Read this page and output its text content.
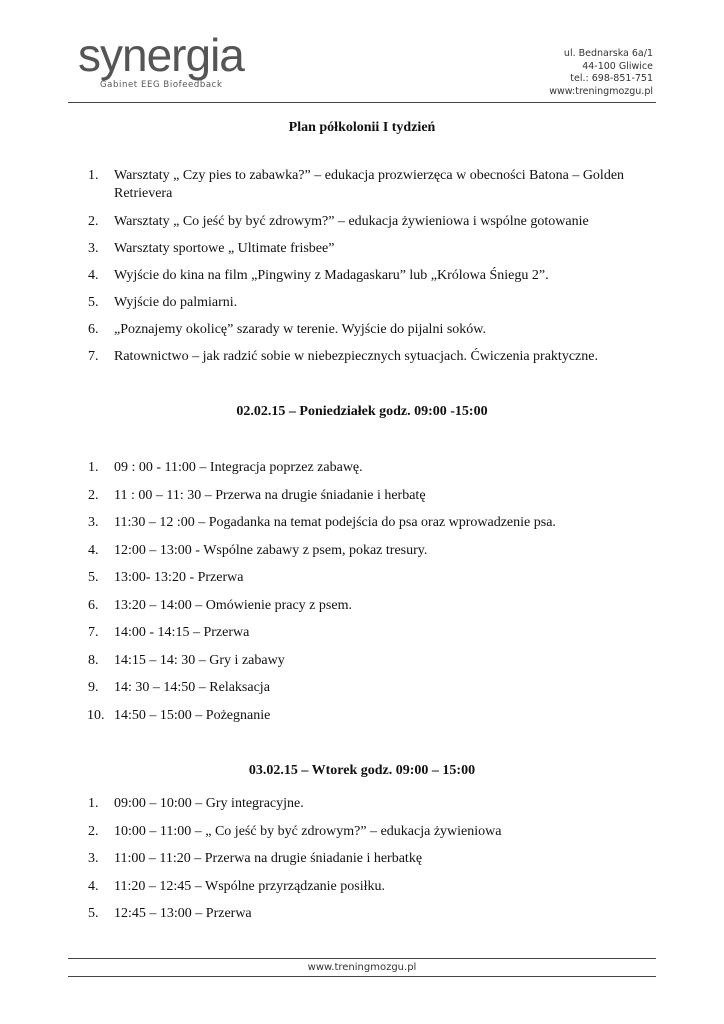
synergia
Gabinet EEG Biofeedback
ul. Bednarska 6a/1
44-100 Gliwice
tel.: 698-851-751
www:treningmozgu.pl
Plan półkolonii I tydzień
1. Warsztaty „ Czy pies to zabawka?” – edukacja prozwierzęca w obecności Batona – Golden Retrievera
2. Warsztaty „ Co jeść by być zdrowym?” – edukacja żywieniowa i wspólne gotowanie
3. Warsztaty sportowe „ Ultimate frisbee”
4. Wyjście do kina na film „Pingwiny z Madagaskaru” lub „Królowa Śniegu 2”.
5. Wyjście do palmiarni.
6. „Poznajemy okolicę” szarady w terenie. Wyjście do pijalni soków.
7. Ratownictwo – jak radzić sobie w niebezpiecznych sytuacjach. Ćwiczenia praktyczne.
02.02.15 – Poniedziałek godz. 09:00 -15:00
1. 09 : 00 - 11:00 – Integracja poprzez zabawę.
2. 11 : 00 – 11: 30 – Przerwa na drugie śniadanie i herbatę
3. 11:30 – 12 :00 – Pogadanka na temat podejścia do psa oraz wprowadzenie psa.
4. 12:00 – 13:00 - Wspólne zabawy z psem, pokaz tresury.
5. 13:00- 13:20 - Przerwa
6. 13:20 – 14:00 – Omówienie pracy z psem.
7. 14:00 - 14:15 – Przerwa
8. 14:15 – 14: 30 – Gry i zabawy
9. 14: 30 – 14:50 – Relaksacja
10. 14:50 – 15:00 – Pożegnanie
03.02.15 – Wtorek godz. 09:00 – 15:00
1. 09:00 – 10:00 – Gry integracyjne.
2. 10:00 – 11:00 – „ Co jeść by być zdrowym?” – edukacja żywieniowa
3. 11:00 – 11:20 – Przerwa na drugie śniadanie i herbatkę
4. 11:20 – 12:45 – Wspólne przyrządzanie posiłku.
5. 12:45 – 13:00 – Przerwa
www.treningmozgu.pl
